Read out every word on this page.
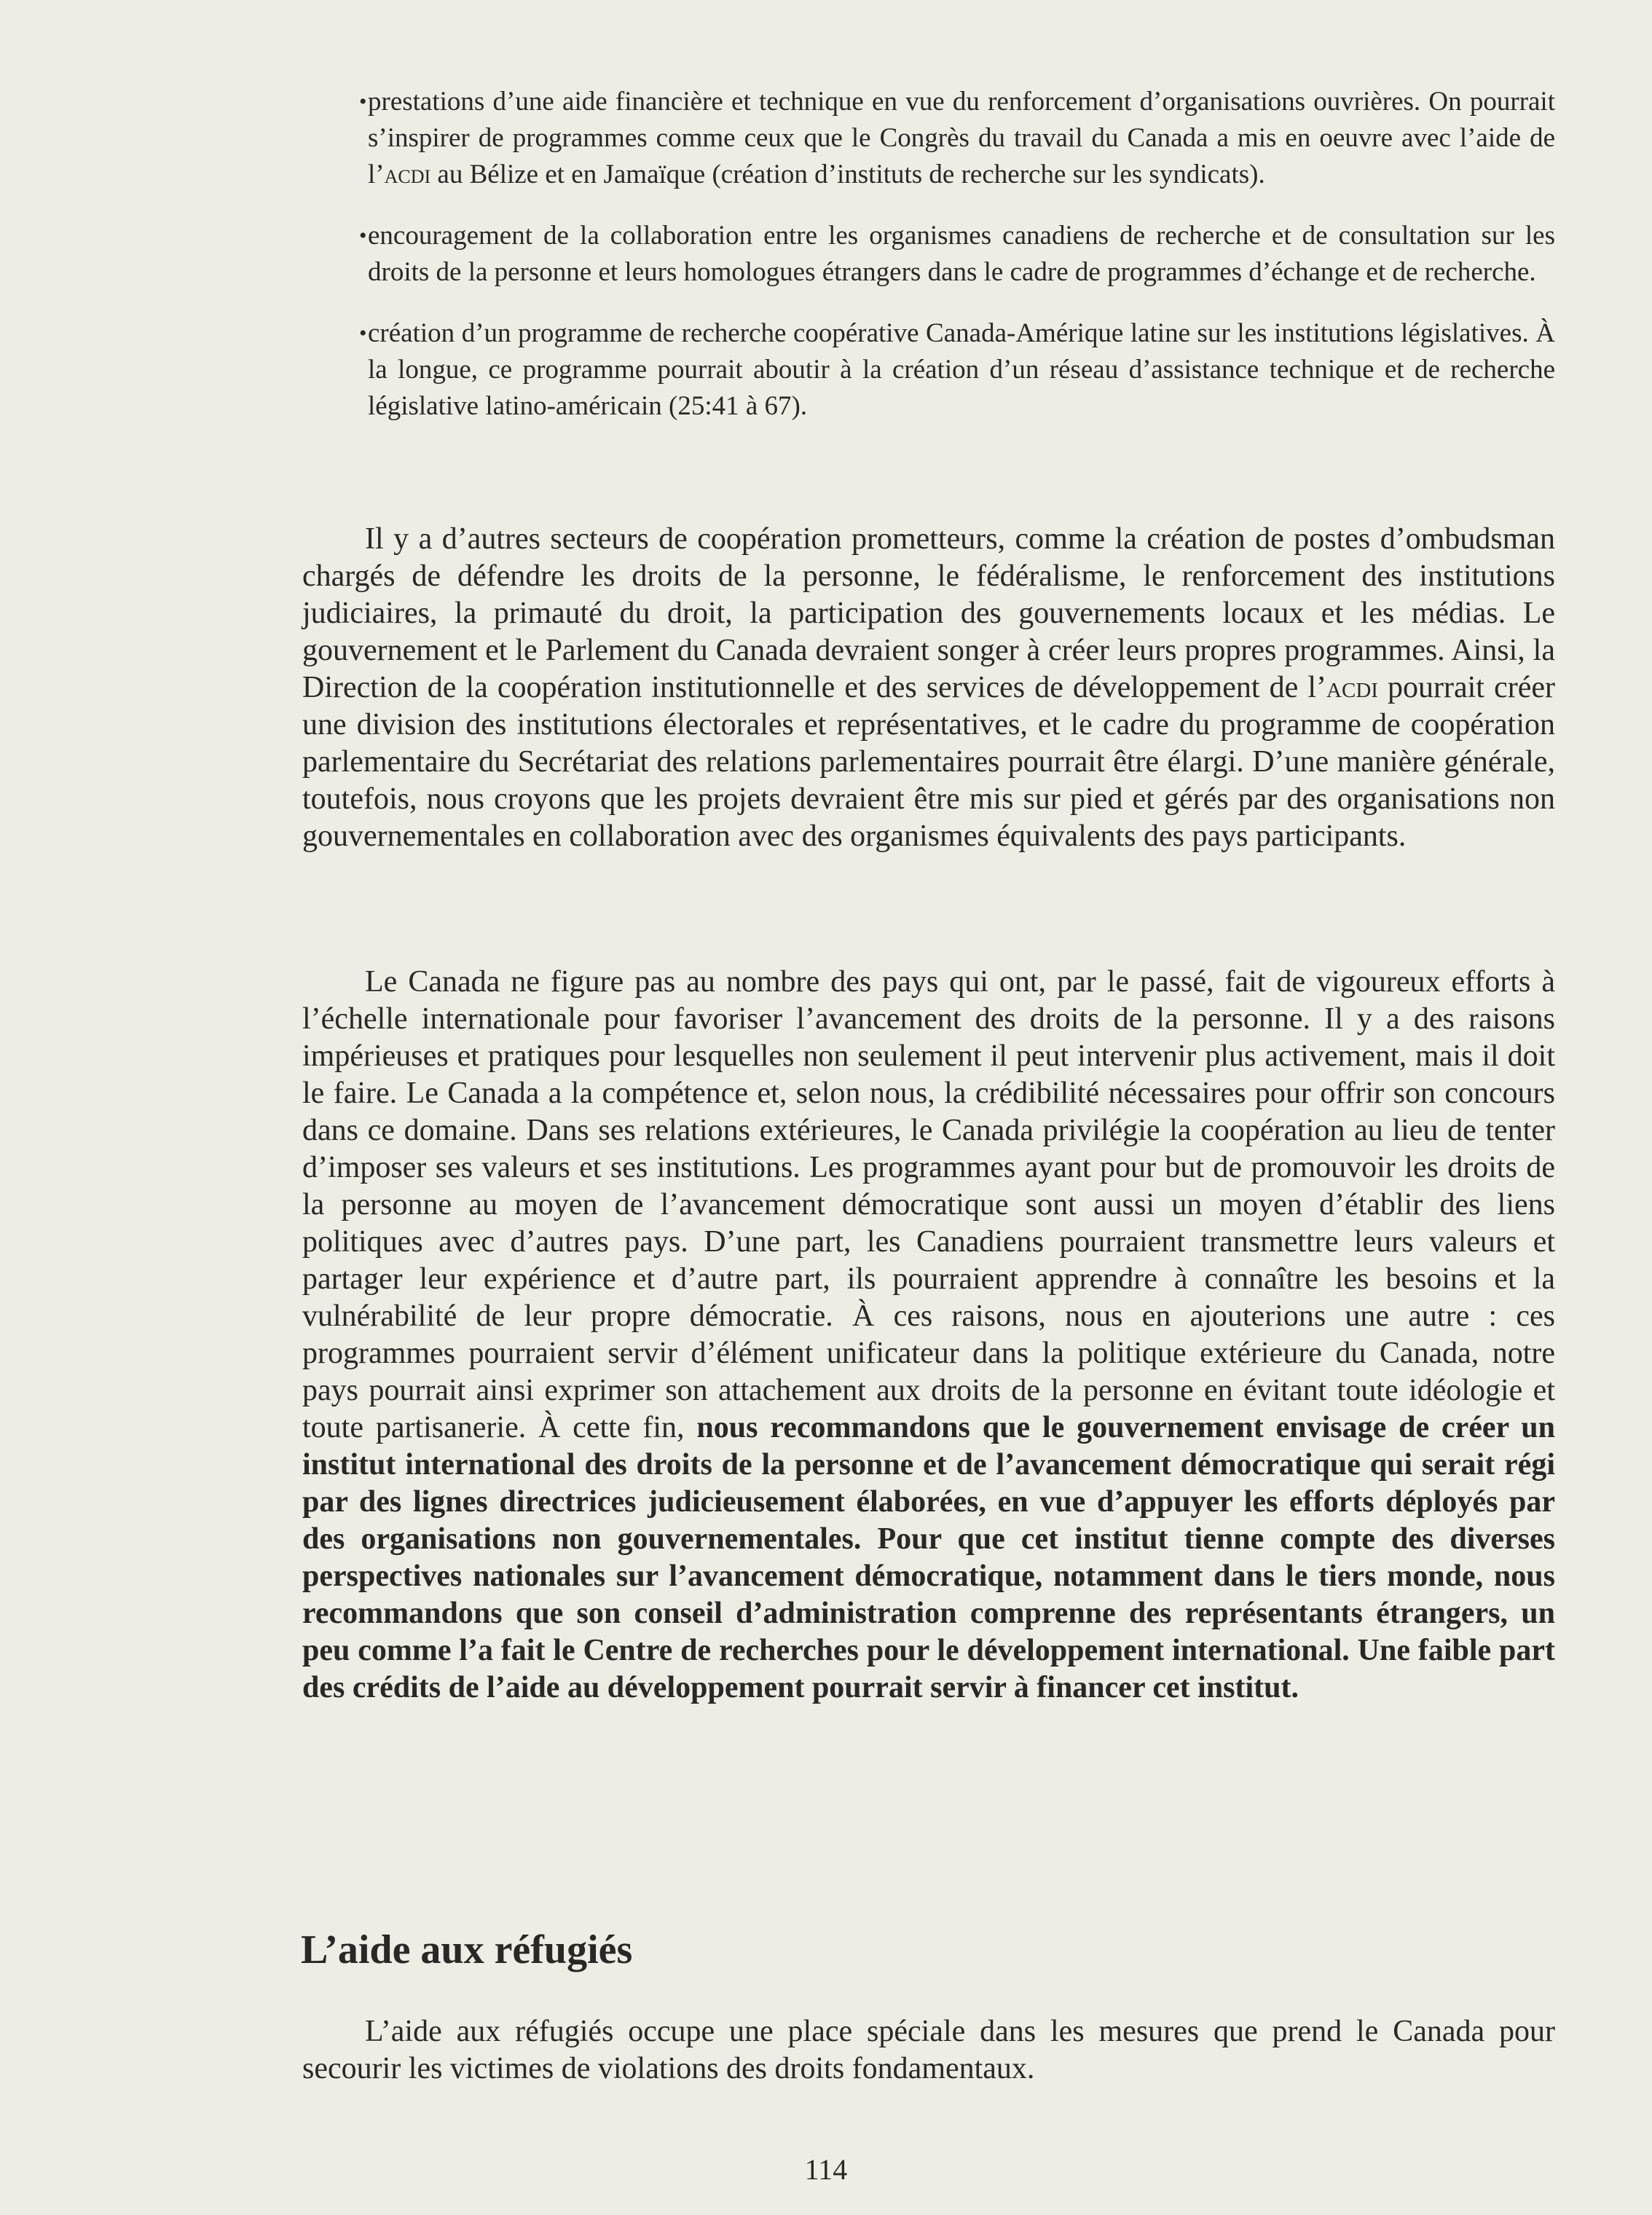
•
prestations d’une aide financière et technique en vue du renforcement d’organisations ouvrières. On pourrait s’inspirer de programmes comme ceux que le Congrès du travail du Canada a mis en oeuvre avec l’aide de l’acdi au Bélize et en Jamaïque (création d’instituts de recherche sur les syndicats).
•
encouragement de la collaboration entre les organismes canadiens de recherche et de consultation sur les droits de la personne et leurs homologues étrangers dans le cadre de programmes d’échange et de recherche.
•
création d’un programme de recherche coopérative Canada-Amérique latine sur les institutions législatives. À la longue, ce programme pourrait aboutir à la création d’un réseau d’assistance technique et de recherche législative latino-américain (25:41 à 67).

Il y a d’autres secteurs de coopération prometteurs, comme la création de postes d’ombudsman chargés de défendre les droits de la personne, le fédéralisme, le renforcement des institutions judiciaires, la primauté du droit, la participation des gouvernements locaux et les médias. Le gouvernement et le Parlement du Canada devraient songer à créer leurs propres programmes. Ainsi, la Direction de la coopération institutionnelle et des services de développement de l’acdi pourrait créer une division des institutions électorales et représentatives, et le cadre du programme de coopération parlementaire du Secrétariat des relations parlementaires pourrait être élargi. D’une manière générale, toutefois, nous croyons que les projets devraient être mis sur pied et gérés par des organisations non gouvernementales en collaboration avec des organismes équivalents des pays participants.

Le Canada ne figure pas au nombre des pays qui ont, par le passé, fait de vigoureux efforts à l’échelle internationale pour favoriser l’avancement des droits de la personne. Il y a des raisons impérieuses et pratiques pour lesquelles non seulement il peut intervenir plus activement, mais il doit le faire. Le Canada a la compétence et, selon nous, la crédibilité nécessaires pour offrir son concours dans ce domaine. Dans ses relations extérieures, le Canada privilégie la coopération au lieu de tenter d’imposer ses valeurs et ses institutions. Les programmes ayant pour but de promouvoir les droits de la personne au moyen de l’avancement démocratique sont aussi un moyen d’établir des liens politiques avec d’autres pays. D’une part, les Canadiens pourraient transmettre leurs valeurs et partager leur expérience et d’autre part, ils pourraient apprendre à connaître les besoins et la vulnérabilité de leur propre démocratie. À ces raisons, nous en ajouterions une autre : ces programmes pourraient servir d’élément unificateur dans la politique extérieure du Canada, notre pays pourrait ainsi exprimer son attachement aux droits de la personne en évitant toute idéologie et toute partisanerie. À cette fin, nous recommandons que le gouvernement envisage de créer un institut international des droits de la personne et de l’avancement démocratique qui serait régi par des lignes directrices judicieusement élaborées, en vue d’appuyer les efforts déployés par des organisations non gouvernementales. Pour que cet institut tienne compte des diverses perspectives nationales sur l’avancement démocratique, notamment dans le tiers monde, nous recommandons que son conseil d’administration comprenne des représentants étrangers, un peu comme l’a fait le Centre de recherches pour le développement international. Une faible part des crédits de l’aide au développement pourrait servir à financer cet institut.

L’aide aux réfugiés

L’aide aux réfugiés occupe une place spéciale dans les mesures que prend le Canada pour secourir les victimes de violations des droits fondamentaux.

114
